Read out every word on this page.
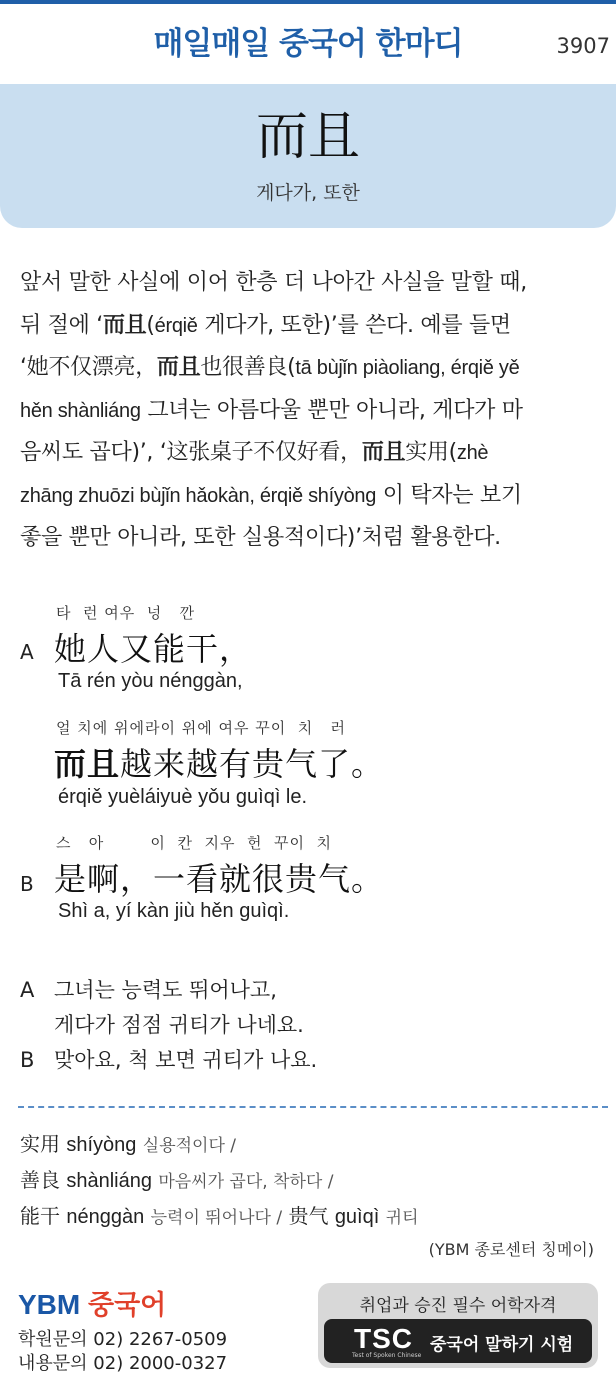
매일매일 중국어 한마디	3907
而且
게다가, 또한
앞서 말한 사실에 이어 한층 더 나아간 사실을 말할 때,
뒤 절에 ‘而且(érqiě 게다가, 또한)’를 쓴다. 예를 들면
‘她不仅漂亮，而且也很善良(tā bùjǐn piàoliang, érqiě yě
hěn shànliáng 그녀는 아름다울 뿐만 아니라, 게다가 마
음씨도 곱다)’, ‘这张桌子不仅好看，而且实用(zhè
zhāng zhuōzi bùjǐn hǎokàn, érqiě shíyòng 이 탁자는 보기
좋을 뿐만 아니라, 또한 실용적이다)’처럼 활용한다.
타  런 여우  넝   깐
A 她人又能干，
Tā rén yòu nénggàn,
얼 치에 위에라이 위에 여우 꾸이  치   러
而且越来越有贵气了。
érqiě yuèláiyuè yǒu guìqì le.
스   아        이  칸  지우  헌  꾸이  치
B 是啊，一看就很贵气。
Shì a, yí kàn jiù hěn guìqì.
A 그녀는 능력도 뛰어나고,
게다가 점점 귀티가 나네요.
B 맞아요, 척 보면 귀티가 나요.
实用 shíyòng 실용적이다 /
善良 shànliáng 마음씨가 곱다, 착하다 /
能干 nénggàn 능력이 뛰어나다 / 贵气 guìqì 귀티
(YBM 종로센터 칭메이)
YBM 중국어
학원문의 02) 2267-0509
내용문의 02) 2000-0327
취업과 승진 필수 어학자격
TSC
Test of Spoken Chinese
중국어 말하기 시험
